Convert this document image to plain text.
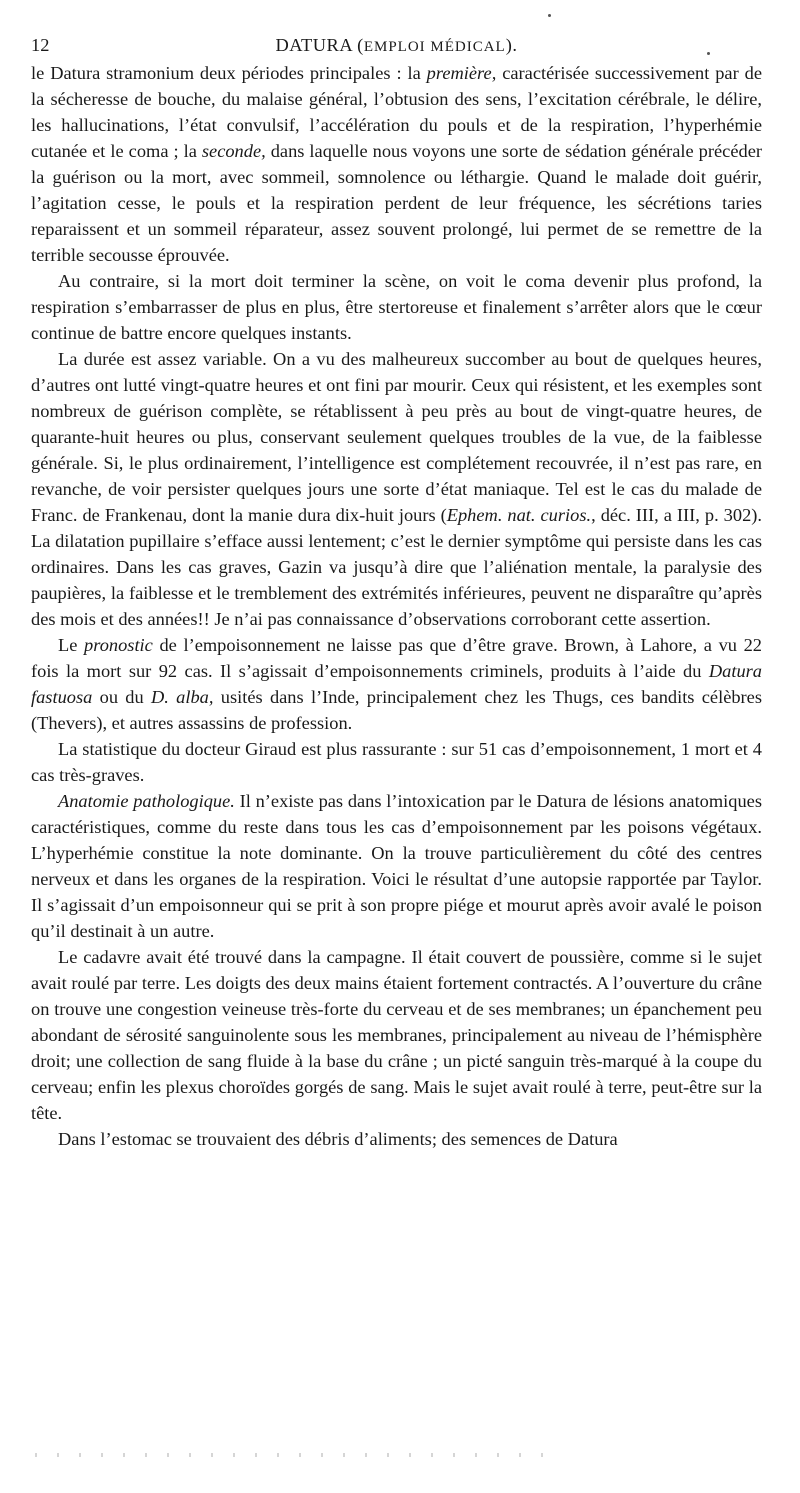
12	DATURA (EMPLOI MÉDICAL).

le Datura stramonium deux périodes principales : la première, caractérisée successivement par de la sécheresse de bouche, du malaise général, l’obtusion des sens, l’excitation cérébrale, le délire, les hallucinations, l’état convulsif, l’accélération du pouls et de la respiration, l’hyperhémie cutanée et le coma ; la seconde, dans laquelle nous voyons une sorte de sédation générale précéder la guérison ou la mort, avec sommeil, somnolence ou léthargie. Quand le malade doit guérir, l’agitation cesse, le pouls et la respiration perdent de leur fréquence, les sécrétions taries reparaissent et un sommeil réparateur, assez souvent prolongé, lui permet de se remettre de la terrible secousse éprouvée.

Au contraire, si la mort doit terminer la scène, on voit le coma devenir plus profond, la respiration s’embarrasser de plus en plus, être stertoreuse et finalement s’arrêter alors que le cœur continue de battre encore quelques instants.

La durée est assez variable. On a vu des malheureux succomber au bout de quelques heures, d’autres ont lutté vingt-quatre heures et ont fini par mourir. Ceux qui résistent, et les exemples sont nombreux de guérison complète, se rétablissent à peu près au bout de vingt-quatre heures, de quarante-huit heures ou plus, conservant seulement quelques troubles de la vue, de la faiblesse générale. Si, le plus ordinairement, l’intelligence est complétement recouvrée, il n’est pas rare, en revanche, de voir persister quelques jours une sorte d’état maniaque. Tel est le cas du malade de Franc. de Frankenau, dont la manie dura dix-huit jours (Ephem. nat. curios., déc. III, a III, p. 302). La dilatation pupillaire s’efface aussi lentement; c’est le dernier symptôme qui persiste dans les cas ordinaires. Dans les cas graves, Gazin va jusqu’à dire que l’aliénation mentale, la paralysie des paupières, la faiblesse et le tremblement des extrémités inférieures, peuvent ne disparaître qu’après des mois et des années!! Je n’ai pas connaissance d’observations corroborant cette assertion.

Le pronostic de l’empoisonnement ne laisse pas que d’être grave. Brown, à Lahore, a vu 22 fois la mort sur 92 cas. Il s’agissait d’empoisonnements criminels, produits à l’aide du Datura fastuosa ou du D. alba, usités dans l’Inde, principalement chez les Thugs, ces bandits célèbres (Thevers), et autres assassins de profession.

La statistique du docteur Giraud est plus rassurante : sur 51 cas d’empoisonnement, 1 mort et 4 cas très-graves.

Anatomie pathologique. Il n’existe pas dans l’intoxication par le Datura de lésions anatomiques caractéristiques, comme du reste dans tous les cas d’empoisonnement par les poisons végétaux. L’hyperhémie constitue la note dominante. On la trouve particulièrement du côté des centres nerveux et dans les organes de la respiration. Voici le résultat d’une autopsie rapportée par Taylor. Il s’agissait d’un empoisonneur qui se prit à son propre piége et mourut après avoir avalé le poison qu’il destinait à un autre.

Le cadavre avait été trouvé dans la campagne. Il était couvert de poussière, comme si le sujet avait roulé par terre. Les doigts des deux mains étaient fortement contractés. A l’ouverture du crâne on trouve une congestion veineuse très-forte du cerveau et de ses membranes; un épanchement peu abondant de sérosité sanguinolente sous les membranes, principalement au niveau de l’hémisphère droit; une collection de sang fluide à la base du crâne ; un picté sanguin très-marqué à la coupe du cerveau; enfin les plexus choroïdes gorgés de sang. Mais le sujet avait roulé à terre, peut-être sur la tête.

Dans l’estomac se trouvaient des débris d’aliments; des semences de Datura
